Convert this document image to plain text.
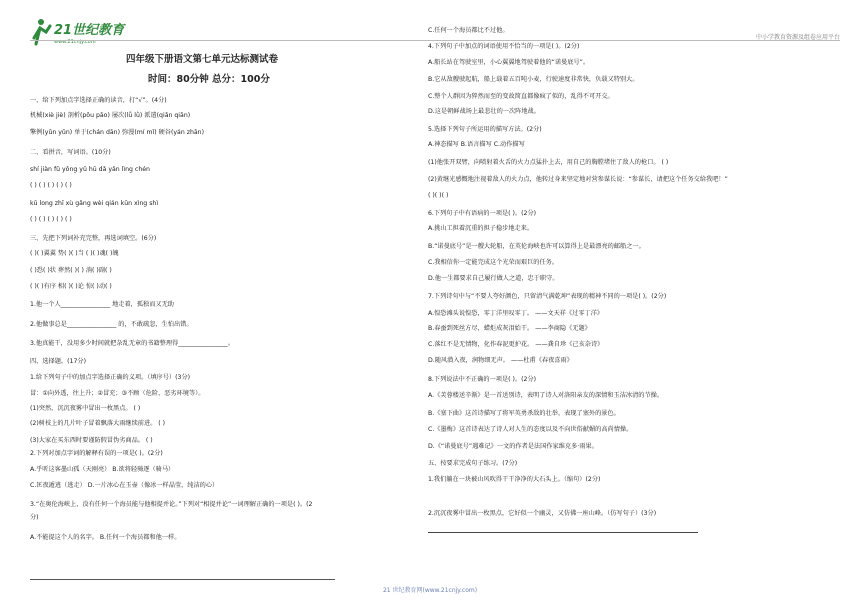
21世纪教育
www.21cnjy.com
中小学教育资源及组卷应用平台
四年级下册语文第七单元达标测试卷
时间：80分钟 总分：100分
一、给下列加点字选择正确的读音，打“√”。(4分)
机械(xiè jiè) 剖析(pōu pāo) 屡次(lǚ lǜ) 派遣(qiǎn qiān)
擎例(yǔn yǔn) 单于(chán dān) 弥漫(mí mǐ) 硬谷(yán zhān)
二、看拼音，写词语。(10分)
shí jiàn fǔ yǒng yǔ hū dǎ yǎn lìng chén
( ) ( ) ( ) ( ) ( )
kū long zhī xù gǎng wèi qián kūn xìng shì
( ) ( ) ( ) ( ) ( )
三、先把下列词补充完整，再选词填空。(6分)
( )( )翼翼 势( )( )当 ( )( )魂( )魄
( )恐( )状 葬然( )( ) 淌( )副( )
( )( )有序 相( )( )论 惊( )动( )
1.他一个人________________ 地走着，孤独而又无助
2.他做事总是________________ 的，不敢疏忽，生怕出错。
3.他真能干，没用多少时间就把杂乱无章的书籍整理得________________。
四、选择题。(17分)
1.给下列句子中的加点字选择正确的义项。（填序号）(3分)
冒：①向外透，往上升；②冒充；③不顾（危险、恶劣环境等）。
(1)突然，沉沉夜雾中冒出一枚黑点。 ( )
(2)树枝上的几片叶子冒着飘落大雨继续前进。 ( )
(3)大家在买东西时要谨防假冒伪劣商品。 ( )
2.下列对加点字词的解释有误的一项是( )。(2分)
A.乎听这客墨山孤（天刚亮） B.欲将轻骑逐（骑马）
C.匡夜遁逃（逃走） D.一片冰心在玉壶（像冰一样晶莹，纯洁的心）
3.“在奥伦海峡上，没有任何一个海员能与他相提并论。”下列对“相提并论”一词理解正确的一项是( )。(2
分)
A.不能提这个人的名字。 B.任何一个海员都和他一样。
C.任何一个海员都比不过他。
4.下列句子中加点的词语使用不恰当的一项是( )。(2分)
A.船长站在驾驶室里，小心翼翼地驾驶着他的“诺曼底号”。
B.它从敌艘驶起航，船上载着五百吨小麦，行驶速度非常快，负载又特别大。
C.整个人群因为猝然而至的变故简直都像疯了似的，乱得不可开交。
D.这是朝鲜战场上最悲壮的一次阵地战。
5.选择下列句子所运用的描写方法。(2分)
A.神态描写 B.语言描写 C.动作描写
(1)他张开双臂，向喷射着火舌的火力点猛扑上去，用自己的胸膛堵住了敌人的枪口。 ( )
(2)黄继光感慨地注视着敌人的火力点，他转过身来坚定地对营参谋长说：“参谋长，请把这个任务交给我吧！”
( )( )( )
6.下列句子中有语病的一项是( )。(2分)
A.挑山工担着沉重的担子稳步地走来。
B.“诺曼底号”是一艘大轮船，在英伦海峡也许可以算得上是最漂亮的邮船之一。
C.我相信你一定能完成这个光荣而艰巨的任务。
D.他一生都要求自己履行做人之道，忠于职守。
7.下列诗句中与“不要人夸好颜色，只留清气满乾坤”表现的精神不同的一项是( )。(2分)
A.惶恐滩头说惶恐，零丁洋里叹零丁。 ——文天祥《过零丁洋》
B.春蚕到死丝方尽，蜡炬成灰泪始干。 ——李商隐《无题》
C.落红不是无情物，化作春泥更护花。 ——龚自珍《己亥杂诗》
D.随风潜入夜，润物细无声。 ——杜甫《春夜喜雨》
8.下列说法中不正确的一项是( )。(2分)
A.《芙蓉楼送辛渐》是一首送别诗，表明了诗人对洛阳亲友的深情和玉洁冰清的节操。
B.《塞下曲》这首诗描写了将军英勇杀敌的壮举，表现了塞外的景色。
C.《墨梅》这首诗表达了诗人对人生的态度以及不向世俗献媚的高尚情操。
D.《“诺曼底号”遇难记》一文的作者是法国作家维克多·雨果。
五、按要求完成句子练习。(7分)
1.我们躺在一块被山风吹得干干净净的大石头上。（缩句）(2分)
2.沉沉夜雾中冒出一枚黑点，它好似一个幽灵，又仿佛一座山峰。（仿写句子）(3分)
21 世纪教育网(www.21cnjy.com)
